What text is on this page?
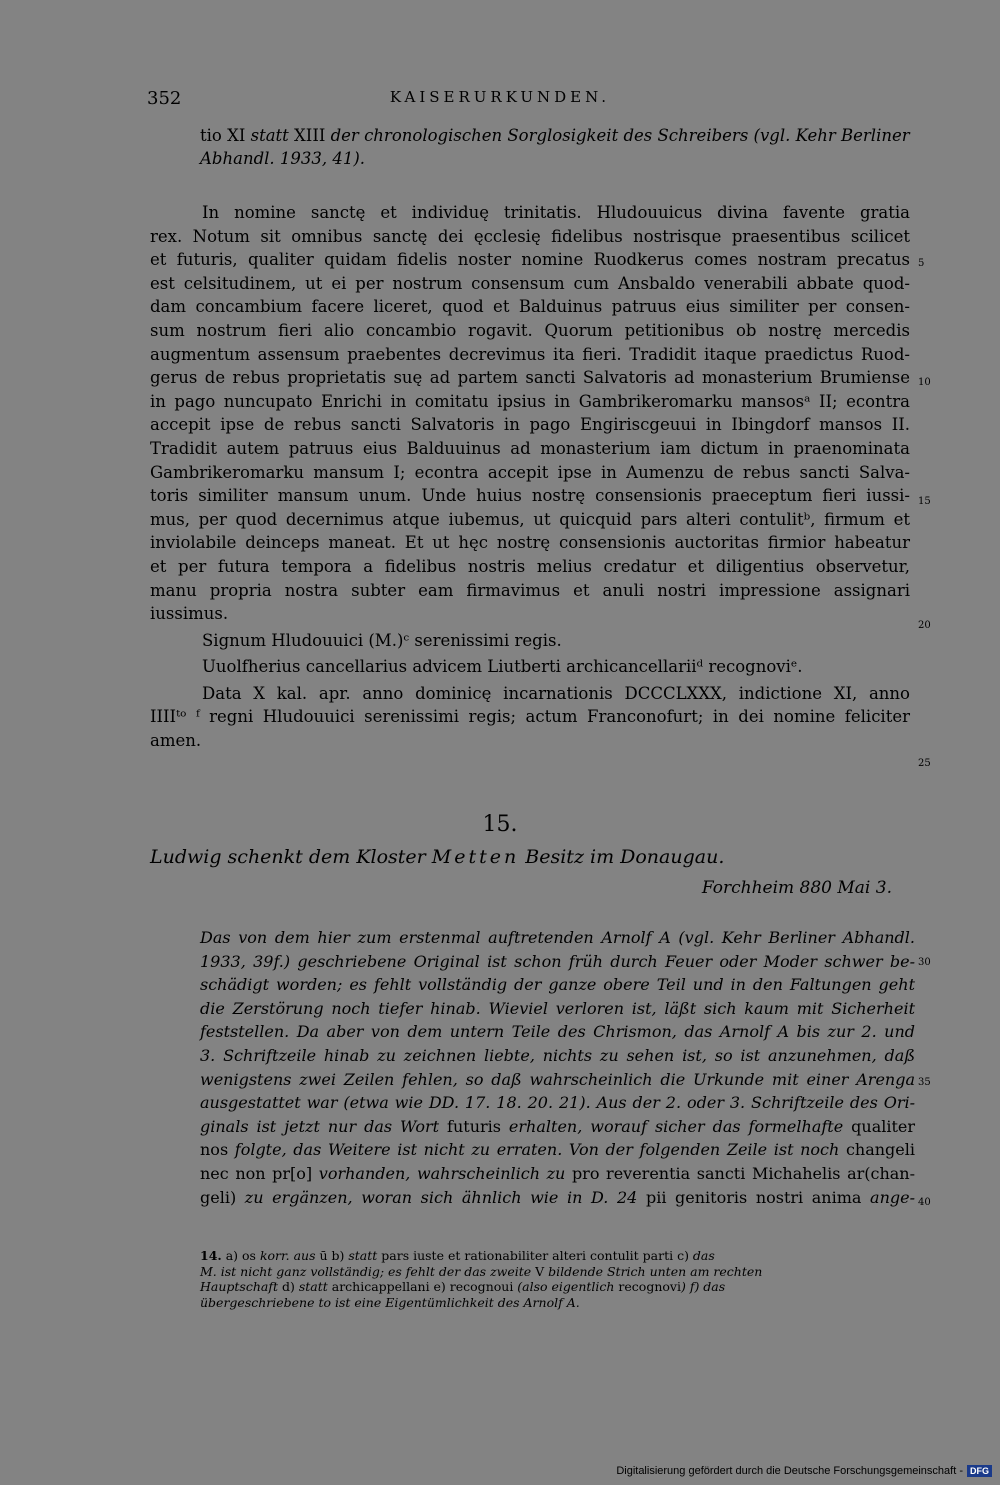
352	KAISERURKUNDEN.
tio XI statt XIII der chronologischen Sorglosigkeit des Schreibers (vgl. Kehr Berliner
Abhandl. 1933, 41).
In nomine sanctę et individuę trinitatis. Hludouuicus divina favente gratia
rex. Notum sit omnibus sanctę dei ęcclesię fidelibus nostrisque praesentibus scilicet
et futuris, qualiter quidam fidelis noster nomine Ruodkerus comes nostram precatus
est celsitudinem, ut ei per nostrum consensum cum Ansbaldo venerabili abbate quod-
dam concambium facere liceret, quod et Balduinus patruus eius similiter per consen-
sum nostrum fieri alio concambio rogavit. Quorum petitionibus ob nostrę mercedis
augmentum assensum praebentes decrevimus ita fieri. Tradidit itaque praedictus Ruod-
gerus de rebus proprietatis suę ad partem sancti Salvatoris ad monasterium Brumiense
in pago nuncupato Enrichi in comitatu ipsius in Gambrikeromarku mansosᵃ II; econtra
accepit ipse de rebus sancti Salvatoris in pago Engiriscgeuui in Ibingdorf mansos II.
Tradidit autem patruus eius Balduuinus ad monasterium iam dictum in praenominata
Gambrikeromarku mansum I; econtra accepit ipse in Aumenzu de rebus sancti Salva-
toris similiter mansum unum. Unde huius nostrę consensionis praeceptum fieri iussi-
mus, per quod decernimus atque iubemus, ut quicquid pars alteri contulitᵇ, firmum et
inviolabile deinceps maneat. Et ut hęc nostrę consensionis auctoritas firmior habeatur
et per futura tempora a fidelibus nostris melius credatur et diligentius observetur,
manu propria nostra subter eam firmavimus et anuli nostri impressione assignari
iussimus.
Signum Hludouuici (M.)ᶜ serenissimi regis.
Uuolfherius cancellarius advicem Liutberti archicancellariiᵈ recognoviᵉ.
Data X kal. apr. anno dominicę incarnationis DCCCLXXX, indictione XI, anno
IIIIᵗᵒ ᶠ regni Hludouuici serenissimi regis; actum Franconofurt; in dei nomine feliciter
amen.
5
10
15
20
25
30
35
40
15.
Ludwig schenkt dem Kloster Metten Besitz im Donaugau.
Forchheim 880 Mai 3.
Das von dem hier zum erstenmal auftretenden Arnolf A (vgl. Kehr Berliner Abhandl.
1933, 39f.) geschriebene Original ist schon früh durch Feuer oder Moder schwer be-
schädigt worden; es fehlt vollständig der ganze obere Teil und in den Faltungen geht
die Zerstörung noch tiefer hinab. Wieviel verloren ist, läßt sich kaum mit Sicherheit
feststellen. Da aber von dem untern Teile des Chrismon, das Arnolf A bis zur 2. und
3. Schriftzeile hinab zu zeichnen liebte, nichts zu sehen ist, so ist anzunehmen, daß
wenigstens zwei Zeilen fehlen, so daß wahrscheinlich die Urkunde mit einer Arenga
ausgestattet war (etwa wie DD. 17. 18. 20. 21). Aus der 2. oder 3. Schriftzeile des Ori-
ginals ist jetzt nur das Wort futuris erhalten, worauf sicher das formelhafte qualiter
nos folgte, das Weitere ist nicht zu erraten. Von der folgenden Zeile ist noch changeli
nec non pr[o] vorhanden, wahrscheinlich zu pro reverentia sancti Michahelis ar(chan-
geli) zu ergänzen, woran sich ähnlich wie in D. 24 pii genitoris nostri anima ange-
14. a) os korr. aus ū b) statt pars iuste et rationabiliter alteri contulit parti c) das
M. ist nicht ganz vollständig; es fehlt der das zweite V bildende Strich unten am rechten
Hauptschaft d) statt archicappellani e) recognoui (also eigentlich recognovi) f) das
übergeschriebene to ist eine Eigentümlichkeit des Arnolf A.
Digitalisierung gefördert durch die Deutsche Forschungsgemeinschaft - DFG
